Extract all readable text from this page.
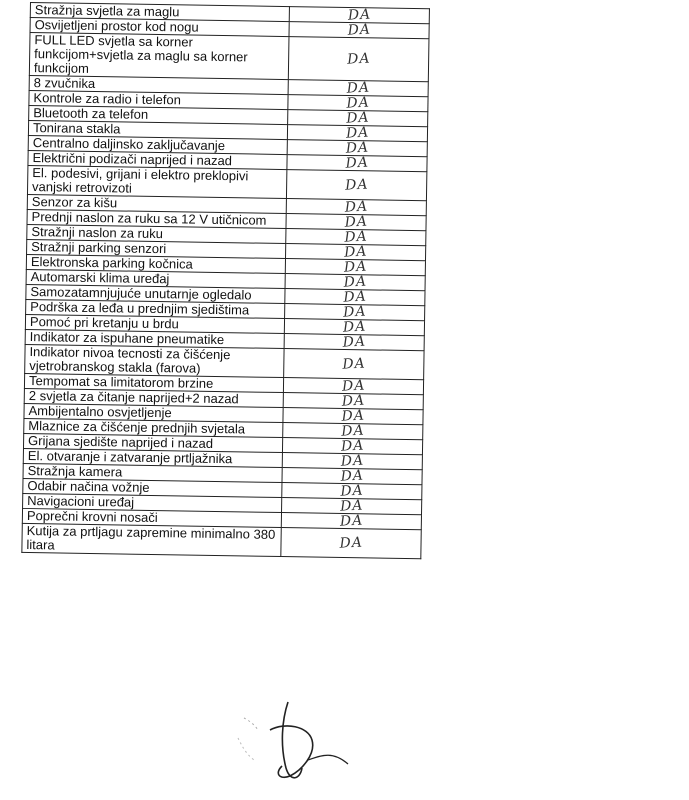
Stražnja svjetla za maglu	DA
Osvijetljeni prostor kod nogu	DA
FULL LED svjetla sa korner funkcijom+svjetla za maglu sa korner funkcijom	DA
8 zvučnika	DA
Kontrole za radio i telefon	DA
Bluetooth za telefon	DA
Tonirana stakla	DA
Centralno daljinsko zaključavanje	DA
Električni podizači naprijed i nazad	DA
El. podesivi, grijani i elektro preklopivi vanjski retrovizoti	DA
Senzor za kišu	DA
Prednji naslon za ruku sa 12 V utičnicom	DA
Stražnji naslon za ruku	DA
Stražnji parking senzori	DA
Elektronska parking kočnica	DA
Automarski klima uređaj	DA
Samozatamnjujuće unutarnje ogledalo	DA
Podrška za leđa u prednjim sjedištima	DA
Pomoć pri kretanju u brdu	DA
Indikator za ispuhane pneumatike	DA
Indikator nivoa tecnosti za čišćenje vjetrobranskog stakla (farova)	DA
Tempomat sa limitatorom brzine	DA
2 svjetla za čitanje naprijed+2 nazad	DA
Ambijentalno osvjetljenje	DA
Mlaznice za čišćenje prednjih svjetala	DA
Grijana sjedište naprijed i nazad	DA
El. otvaranje i zatvaranje prtljažnika	DA
Stražnja kamera	DA
Odabir načina vožnje	DA
Navigacioni uređaj	DA
Poprečni krovni nosači	DA
Kutija za prtljagu zapremine minimalno 380 litara	DA
